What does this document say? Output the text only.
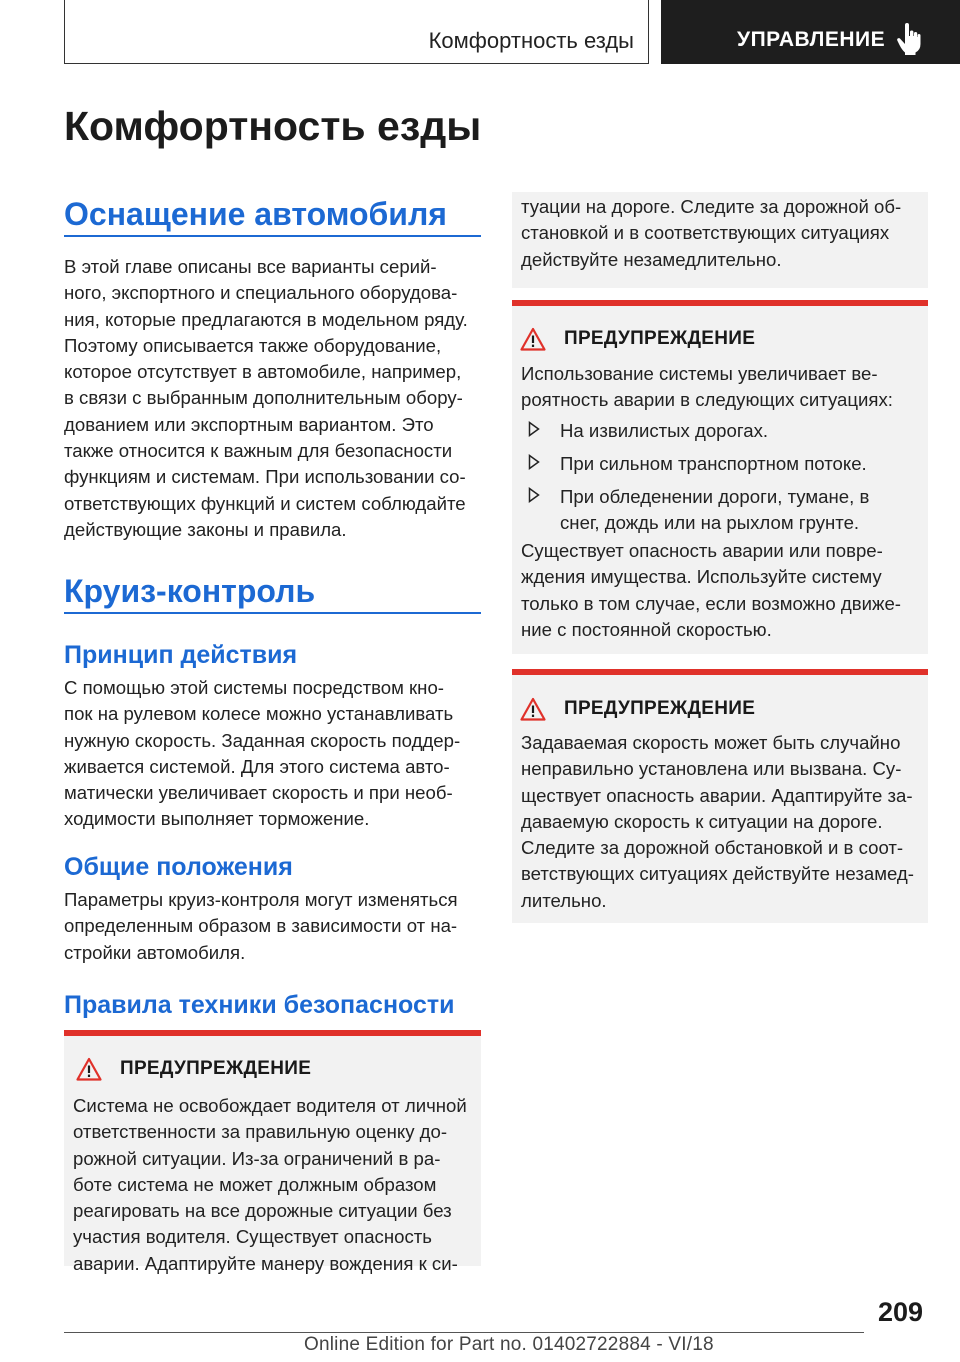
Комфортность езды	УПРАВЛЕНИЕ
Комфортность езды
Оснащение автомобиля
В этой главе описаны все варианты серий-
ного, экспортного и специального оборудова-
ния, которые предлагаются в модельном ряду.
Поэтому описывается также оборудование,
которое отсутствует в автомобиле, например,
в связи с выбранным дополнительным обору-
дованием или экспортным вариантом. Это
также относится к важным для безопасности
функциям и системам. При использовании со-
ответствующих функций и систем соблюдайте
действующие законы и правила.
Круиз-контроль
Принцип действия
С помощью этой системы посредством кно-
пок на рулевом колесе можно устанавливать
нужную скорость. Заданная скорость поддер-
живается системой. Для этого система авто-
матически увеличивает скорость и при необ-
ходимости выполняет торможение.
Общие положения
Параметры круиз-контроля могут изменяться
определенным образом в зависимости от на-
стройки автомобиля.
Правила техники безопасности
ПРЕДУПРЕЖДЕНИЕ
Система не освобождает водителя от личной
ответственности за правильную оценку до-
рожной ситуации. Из-за ограничений в ра-
боте система не может должным образом
реагировать на все дорожные ситуации без
участия водителя. Существует опасность
аварии. Адаптируйте манеру вождения к си-
туации на дороге. Следите за дорожной об-
становкой и в соответствующих ситуациях
действуйте незамедлительно.
ПРЕДУПРЕЖДЕНИЕ
Использование системы увеличивает ве-
роятность аварии в следующих ситуациях:
На извилистых дорогах.
При сильном транспортном потоке.
При обледенении дороги, тумане, в
снег, дождь или на рыхлом грунте.
Существует опасность аварии или повре-
ждения имущества. Используйте систему
только в том случае, если возможно движе-
ние с постоянной скоростью.
ПРЕДУПРЕЖДЕНИЕ
Задаваемая скорость может быть случайно
неправильно установлена или вызвана. Су-
ществует опасность аварии. Адаптируйте за-
даваемую скорость к ситуации на дороге.
Следите за дорожной обстановкой и в соот-
ветствующих ситуациях действуйте незамед-
лительно.
209
Online Edition for Part no. 01402722884 - VI/18
